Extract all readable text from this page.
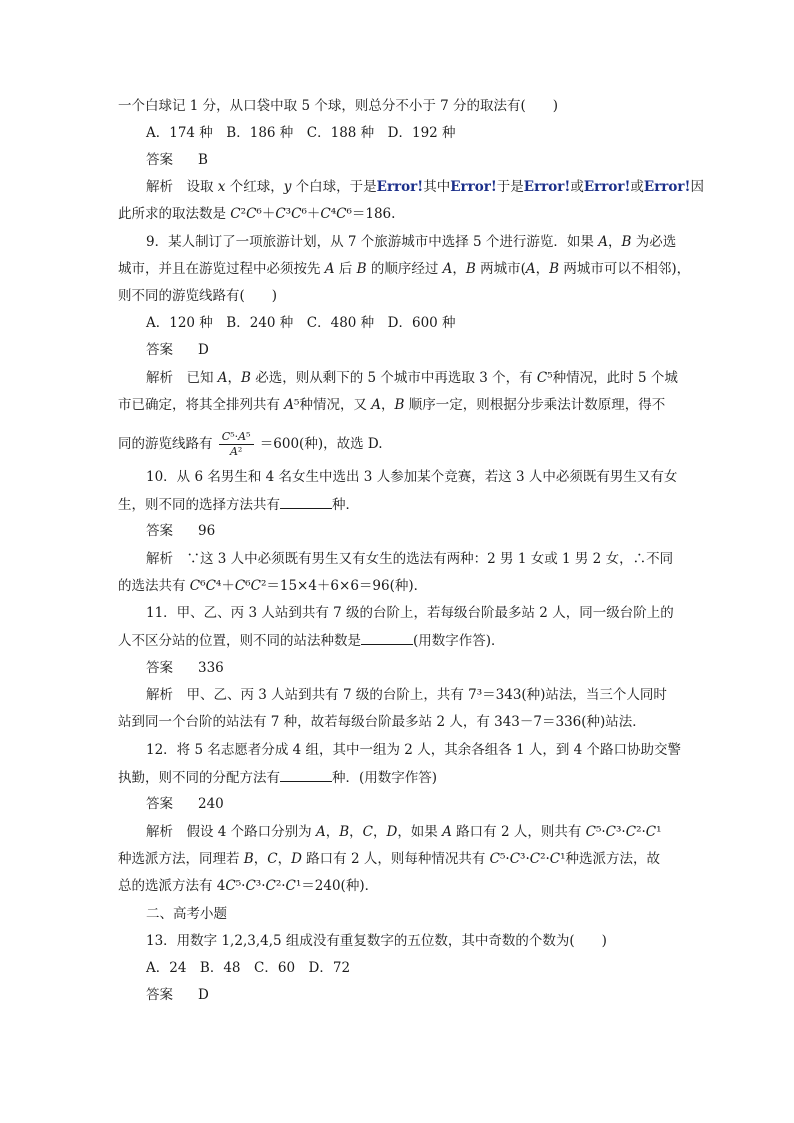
一个白球记 1 分，从口袋中取 5 个球，则总分不小于 7 分的取法有(　　)
A．174 种　B．186 种　C．188 种　D．192 种
答案 B
解析　设取 x 个红球，y 个白球，于是Error!其中Error!于是Error!或Error!或Error!因
此所求的取法数是 C²C⁶＋C³C⁶＋C⁴C⁶＝186.
9．某人制订了一项旅游计划，从 7 个旅游城市中选择 5 个进行游览．如果 A，B 为必选
城市，并且在游览过程中必须按先 A 后 B 的顺序经过 A，B 两城市(A，B 两城市可以不相邻)，
则不同的游览线路有(　　)
A．120 种　B．240 种　C．480 种　D．600 种
答案 D
解析　已知 A，B 必选，则从剩下的 5 个城市中再选取 3 个，有 C⁵种情况，此时 5 个城
市已确定，将其全排列共有 A⁵种情况，又 A，B 顺序一定，则根据分步乘法计数原理，得不
同的游览线路有 $\frac{\text{C⁵·A⁵}}{\text{A²}} =600$(种)，故选 D.
10．从 6 名男生和 4 名女生中选出 3 人参加某个竞赛，若这 3 人中必须既有男生又有女
生，则不同的选择方法共有	种．
答案 96
解析　∵这 3 人中必须既有男生又有女生的选法有两种：2 男 1 女或 1 男 2 女，∴不同
的选法共有 C⁶C⁴＋C⁶C²＝15×4＋6×6＝96(种)．
11．甲、乙、丙 3 人站到共有 7 级的台阶上，若每级台阶最多站 2 人，同一级台阶上的
人不区分站的位置，则不同的站法种数是	(用数字作答)．
答案 336
解析　甲、乙、丙 3 人站到共有 7 级的台阶上，共有 7³＝343(种)站法，当三个人同时
站到同一个台阶的站法有 7 种，故若每级台阶最多站 2 人，有 343－7＝336(种)站法．
12．将 5 名志愿者分成 4 组，其中一组为 2 人，其余各组各 1 人，到 4 个路口协助交警
执勤，则不同的分配方法有	种．(用数字作答)
答案 240
解析　假设 4 个路口分别为 A，B，C，D，如果 A 路口有 2 人，则共有 C⁵·C³·C²·C¹
种选派方法，同理若 B，C，D 路口有 2 人，则每种情况共有 C⁵·C³·C²·C¹种选派方法，故
总的选派方法有 4C⁵·C³·C²·C¹＝240(种)．
二、高考小题
13．用数字 1,2,3,4,5 组成没有重复数字的五位数，其中奇数的个数为(　　)
A．24　B．48　C．60　D．72
答案 D
